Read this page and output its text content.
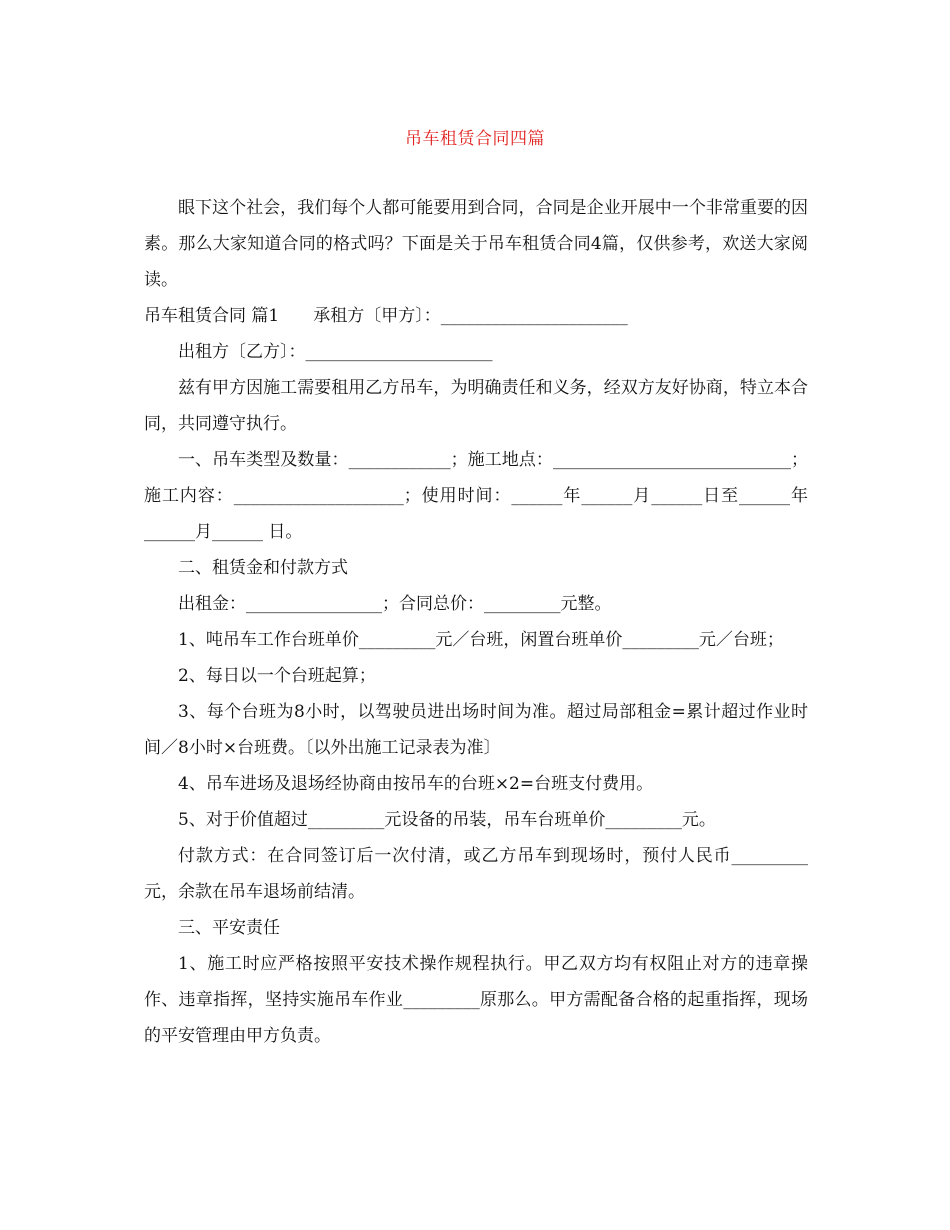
吊车租赁合同四篇

眼下这个社会，我们每个人都可能要用到合同，合同是企业开展中一个非常重要的因素。那么大家知道合同的格式吗？下面是关于吊车租赁合同4篇，仅供参考，欢送大家阅读。

吊车租赁合同 篇1　　承租方〔甲方〕：______________________

出租方〔乙方〕：______________________

兹有甲方因施工需要租用乙方吊车，为明确责任和义务，经双方友好协商，特立本合同，共同遵守执行。

一、吊车类型及数量：____________；施工地点：____________________________；施工内容：____________________；使用时间：______年______月______日至______年______月______ 日。

二、租赁金和付款方式

出租金：________________；合同总价：_________元整。

1、吨吊车工作台班单价_________元／台班，闲置台班单价_________元／台班；

2、每日以一个台班起算；

3、每个台班为8小时，以驾驶员进出场时间为准。超过局部租金=累计超过作业时间／8小时×台班费。〔以外出施工记录表为准〕

4、吊车进场及退场经协商由按吊车的台班×2=台班支付费用。

5、对于价值超过_________元设备的吊装，吊车台班单价_________元。

付款方式：在合同签订后一次付清，或乙方吊车到现场时，预付人民币_________元，余款在吊车退场前结清。

三、平安责任

1、施工时应严格按照平安技术操作规程执行。甲乙双方均有权阻止对方的违章操作、违章指挥，坚持实施吊车作业_________原那么。甲方需配备合格的起重指挥，现场的平安管理由甲方负责。
